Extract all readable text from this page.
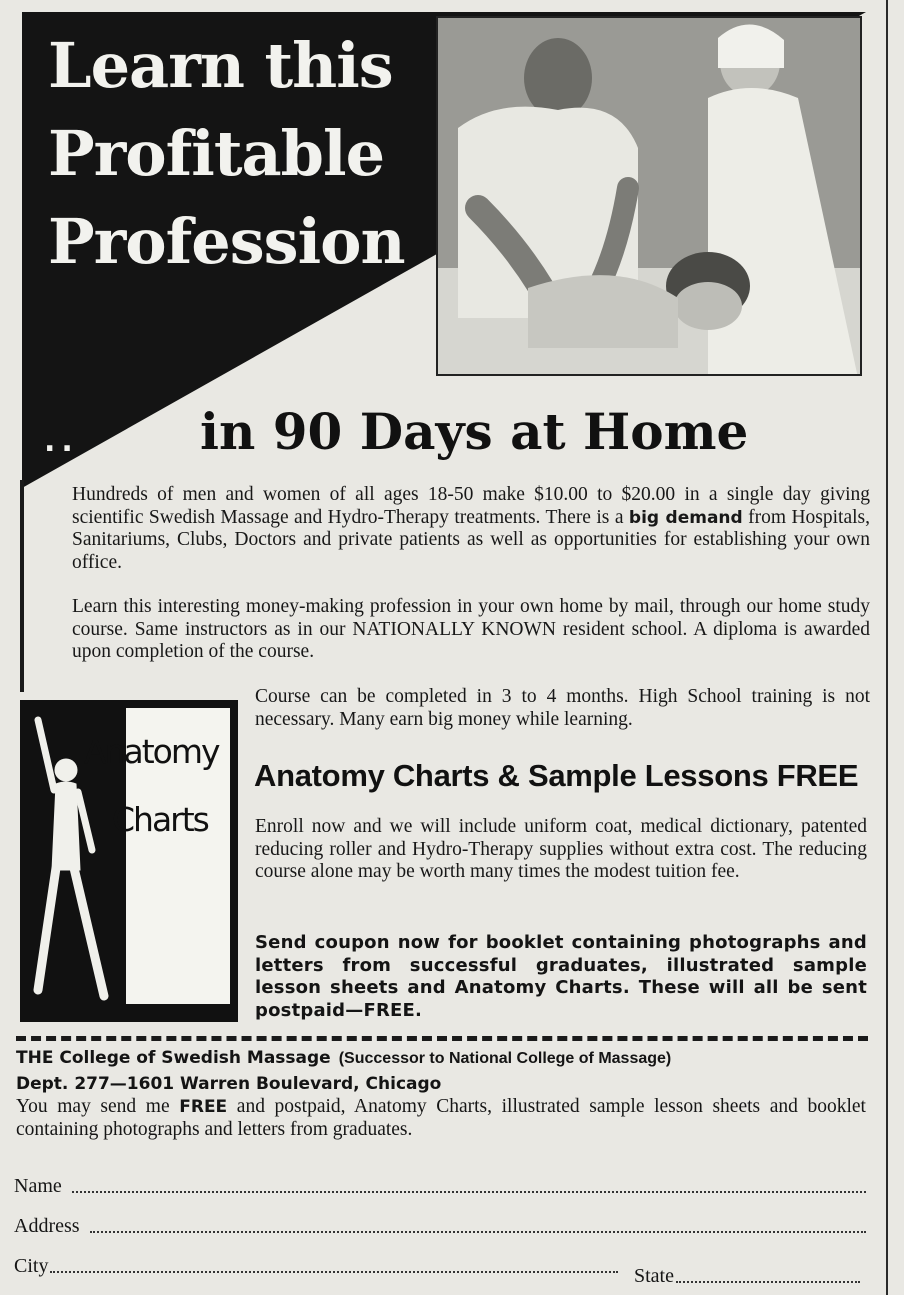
Learn this
Profitable
Profession
.. in 90 Days at Home
Hundreds of men and women of all ages 18-50 make $10.00 to $20.00 in a single day giving scientific Swedish Massage and Hydro-Therapy treatments. There is a big demand from Hospitals, Sanitariums, Clubs, Doctors and private patients as well as opportunities for establishing your own office.
Learn this interesting money-making profession in your own home by mail, through our home study course. Same instructors as in our NATIONALLY KNOWN resident school. A diploma is awarded upon completion of the course.
Course can be completed in 3 to 4 months. High School training is not necessary. Many earn big money while learning.
Anatomy
Charts
Anatomy Charts & Sample Lessons FREE
Enroll now and we will include uniform coat, medical dictionary, patented reducing roller and Hydro-Therapy supplies without extra cost. The reducing course alone may be worth many times the modest tuition fee.
Send coupon now for booklet containing photographs and letters from successful graduates, illustrated sample lesson sheets and Anatomy Charts. These will all be sent postpaid—FREE.
THE College of Swedish Massage (Successor to National College of Massage)
Dept. 277—1601 Warren Boulevard, Chicago
You may send me FREE and postpaid, Anatomy Charts, illustrated sample lesson sheets and booklet containing photographs and letters from graduates.
Name
Address
City	State
